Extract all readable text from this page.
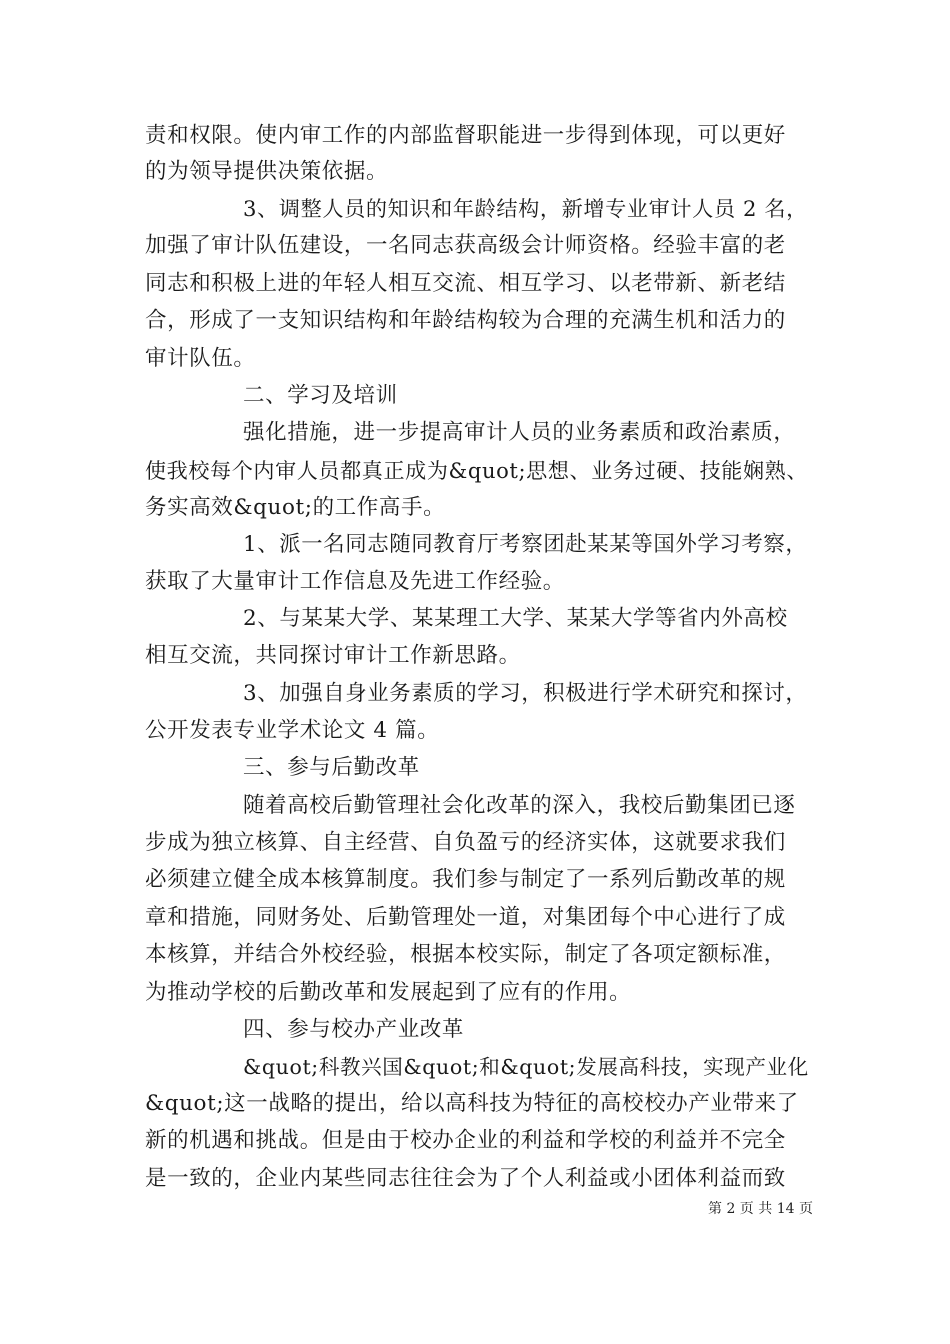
责和权限。使内审工作的内部监督职能进一步得到体现，可以更好
的为领导提供决策依据。
3、调整人员的知识和年龄结构，新增专业审计人员 2 名，
加强了审计队伍建设，一名同志获高级会计师资格。经验丰富的老
同志和积极上进的年轻人相互交流、相互学习、以老带新、新老结
合，形成了一支知识结构和年龄结构较为合理的充满生机和活力的
审计队伍。
二、学习及培训
强化措施，进一步提高审计人员的业务素质和政治素质，
使我校每个内审人员都真正成为&quot;思想、业务过硬、技能娴熟、
务实高效&quot;的工作高手。
1、派一名同志随同教育厅考察团赴某某等国外学习考察，
获取了大量审计工作信息及先进工作经验。
2、与某某大学、某某理工大学、某某大学等省内外高校
相互交流，共同探讨审计工作新思路。
3、加强自身业务素质的学习，积极进行学术研究和探讨，
公开发表专业学术论文 4 篇。
三、参与后勤改革
随着高校后勤管理社会化改革的深入，我校后勤集团已逐
步成为独立核算、自主经营、自负盈亏的经济实体，这就要求我们
必须建立健全成本核算制度。我们参与制定了一系列后勤改革的规
章和措施，同财务处、后勤管理处一道，对集团每个中心进行了成
本核算，并结合外校经验，根据本校实际，制定了各项定额标准，
为推动学校的后勤改革和发展起到了应有的作用。
四、参与校办产业改革
&quot;科教兴国&quot;和&quot;发展高科技，实现产业化
&quot;这一战略的提出，给以高科技为特征的高校校办产业带来了
新的机遇和挑战。但是由于校办企业的利益和学校的利益并不完全
是一致的，企业内某些同志往往会为了个人利益或小团体利益而致
第 2 页 共 14 页
